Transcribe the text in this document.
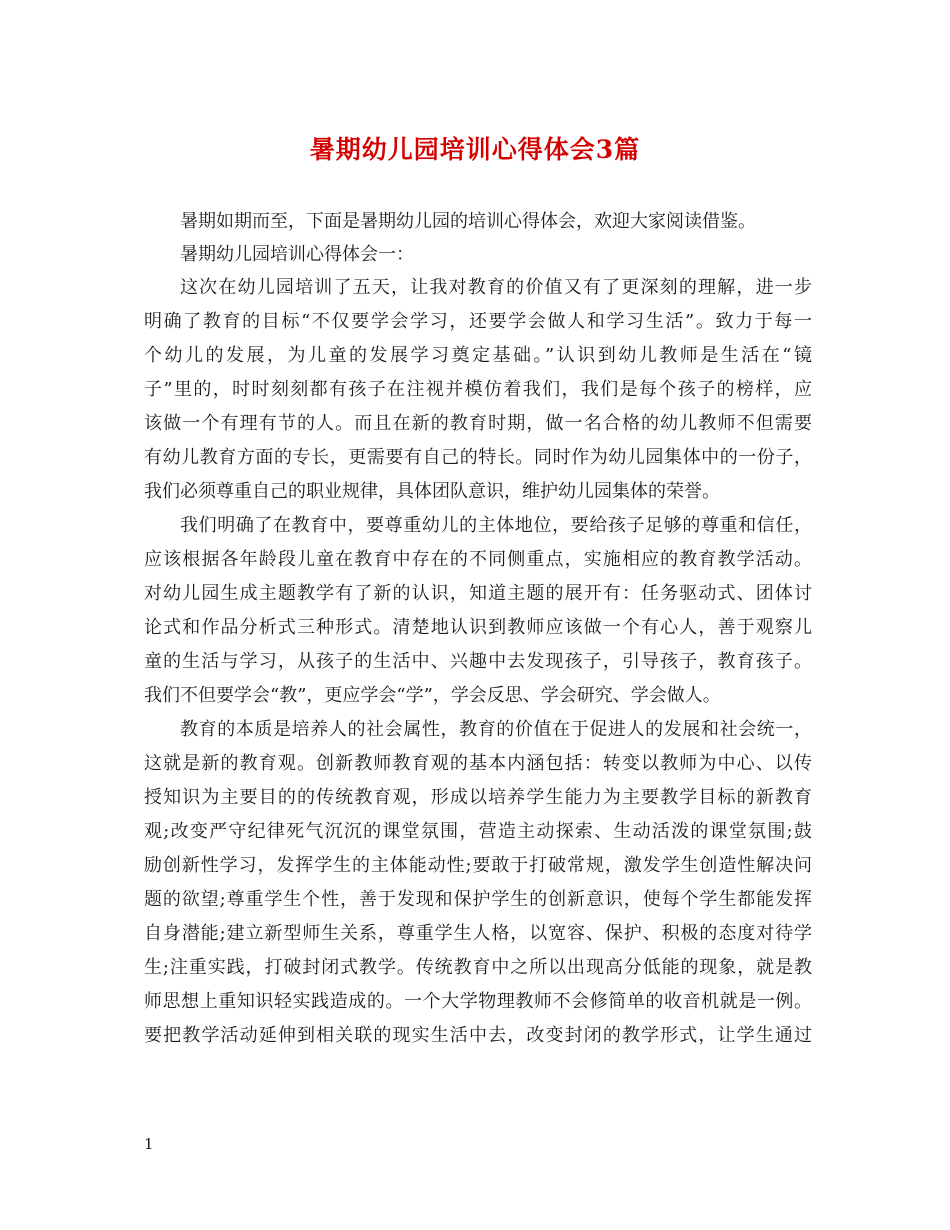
暑期幼儿园培训心得体会3篇

暑期如期而至，下面是暑期幼儿园的培训心得体会，欢迎大家阅读借鉴。

暑期幼儿园培训心得体会一：

这次在幼儿园培训了五天，让我对教育的价值又有了更深刻的理解，进一步
明确了教育的目标“不仅要学会学习，还要学会做人和学习生活”。致力于每一
个幼儿的发展，为儿童的发展学习奠定基础。”认识到幼儿教师是生活在“镜
子”里的，时时刻刻都有孩子在注视并模仿着我们，我们是每个孩子的榜样，应
该做一个有理有节的人。而且在新的教育时期，做一名合格的幼儿教师不但需要
有幼儿教育方面的专长，更需要有自己的特长。同时作为幼儿园集体中的一份子，
我们必须尊重自己的职业规律，具体团队意识，维护幼儿园集体的荣誉。

我们明确了在教育中，要尊重幼儿的主体地位，要给孩子足够的尊重和信任，
应该根据各年龄段儿童在教育中存在的不同侧重点，实施相应的教育教学活动。
对幼儿园生成主题教学有了新的认识，知道主题的展开有：任务驱动式、团体讨
论式和作品分析式三种形式。清楚地认识到教师应该做一个有心人，善于观察儿
童的生活与学习，从孩子的生活中、兴趣中去发现孩子，引导孩子，教育孩子。
我们不但要学会“教”，更应学会“学”，学会反思、学会研究、学会做人。

教育的本质是培养人的社会属性，教育的价值在于促进人的发展和社会统一，
这就是新的教育观。创新教师教育观的基本内涵包括：转变以教师为中心、以传
授知识为主要目的的传统教育观，形成以培养学生能力为主要教学目标的新教育
观;改变严守纪律死气沉沉的课堂氛围，营造主动探索、生动活泼的课堂氛围;鼓
励创新性学习，发挥学生的主体能动性;要敢于打破常规，激发学生创造性解决问
题的欲望;尊重学生个性，善于发现和保护学生的创新意识，使每个学生都能发挥
自身潜能;建立新型师生关系，尊重学生人格，以宽容、保护、积极的态度对待学
生;注重实践，打破封闭式教学。传统教育中之所以出现高分低能的现象，就是教
师思想上重知识轻实践造成的。一个大学物理教师不会修简单的收音机就是一例。
要把教学活动延伸到相关联的现实生活中去，改变封闭的教学形式，让学生通过

1
